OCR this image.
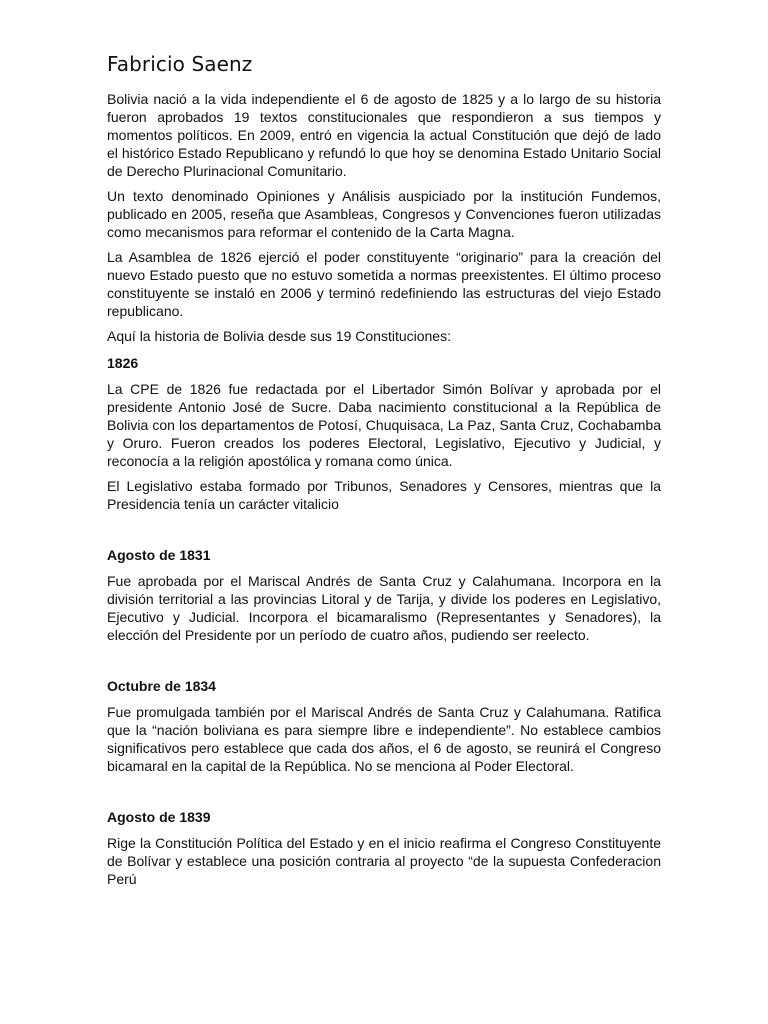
Fabricio Saenz

Bolivia nació a la vida independiente el 6 de agosto de 1825 y a lo largo de su historia fueron aprobados 19 textos constitucionales que respondieron a sus tiempos y momentos políticos. En 2009, entró en vigencia la actual Constitución que dejó de lado el histórico Estado Republicano y refundó lo que hoy se denomina Estado Unitario Social de Derecho Plurinacional Comunitario.

Un texto denominado Opiniones y Análisis auspiciado por la institución Fundemos, publicado en 2005, reseña que Asambleas, Congresos y Convenciones fueron utilizadas como mecanismos para reformar el contenido de la Carta Magna.

La Asamblea de 1826 ejerció el poder constituyente “originario” para la creación del nuevo Estado puesto que no estuvo sometida a normas preexistentes. El último proceso constituyente se instaló en 2006 y terminó redefiniendo las estructuras del viejo Estado republicano.

Aquí la historia de Bolivia desde sus 19 Constituciones:

1826

La CPE de 1826 fue redactada por el Libertador Simón Bolívar y aprobada por el presidente Antonio José de Sucre. Daba nacimiento constitucional a la República de Bolivia con los departamentos de Potosí, Chuquisaca, La Paz, Santa Cruz, Cochabamba y Oruro. Fueron creados los poderes Electoral, Legislativo, Ejecutivo y Judicial, y reconocía a la religión apostólica y romana como única.

El Legislativo estaba formado por Tribunos, Senadores y Censores, mientras que la Presidencia tenía un carácter vitalicio

Agosto de 1831

Fue aprobada por el Mariscal Andrés de Santa Cruz y Calahumana. Incorpora en la división territorial a las provincias Litoral y de Tarija, y divide los poderes en Legislativo, Ejecutivo y Judicial. Incorpora el bicamaralismo (Representantes y Senadores), la elección del Presidente por un período de cuatro años, pudiendo ser reelecto.

Octubre de 1834

Fue promulgada también por el Mariscal Andrés de Santa Cruz y Calahumana. Ratifica que la “nación boliviana es para siempre libre e independiente”. No establece cambios significativos pero establece que cada dos años, el 6 de agosto, se reunirá el Congreso bicamaral en la capital de la República. No se menciona al Poder Electoral.

Agosto de 1839

Rige la Constitución Política del Estado y en el inicio reafirma el Congreso Constituyente de Bolívar y establece una posición contraria al proyecto “de la supuesta Confederacion Perú
